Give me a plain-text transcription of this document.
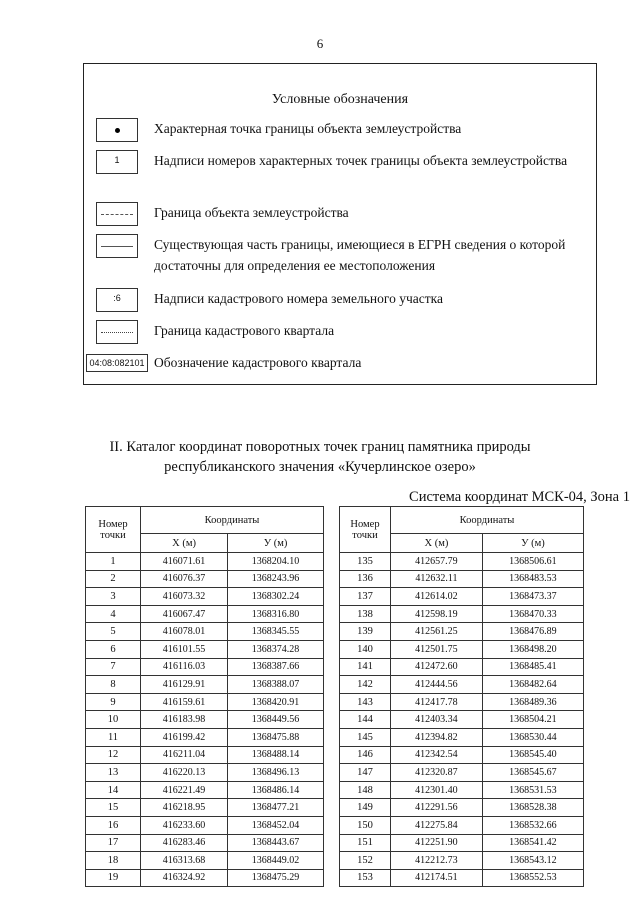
6
Условные обозначения
Характерная точка границы объекта землеустройства
1	Надписи номеров характерных точек границы объекта землеустройства
Граница объекта землеустройства
Существующая часть границы, имеющиеся в ЕГРН сведения о которой достаточны для определения ее местоположения
:6	Надписи кадастрового номера земельного участка
Граница кадастрового квартала
04:08:082101 Обозначение кадастрового квартала
II. Каталог координат поворотных точек границ памятника природы
республиканского значения «Кучерлинское озеро»
Система координат МСК-04, Зона 1
Номер точки	Координаты	
	X (м)	У (м)
1	416071.61	1368204.10
2	416076.37	1368243.96
3	416073.32	1368302.24
4	416067.47	1368316.80
5	416078.01	1368345.55
6	416101.55	1368374.28
7	416116.03	1368387.66
8	416129.91	1368388.07
9	416159.61	1368420.91
10	416183.98	1368449.56
11	416199.42	1368475.88
12	416211.04	1368488.14
13	416220.13	1368496.13
14	416221.49	1368486.14
15	416218.95	1368477.21
16	416233.60	1368452.04
17	416283.46	1368443.67
18	416313.68	1368449.02
19	416324.92	1368475.29
Номер точки	Координаты	
	X (м)	У (м)
135	412657.79	1368506.61
136	412632.11	1368483.53
137	412614.02	1368473.37
138	412598.19	1368470.33
139	412561.25	1368476.89
140	412501.75	1368498.20
141	412472.60	1368485.41
142	412444.56	1368482.64
143	412417.78	1368489.36
144	412403.34	1368504.21
145	412394.82	1368530.44
146	412342.54	1368545.40
147	412320.87	1368545.67
148	412301.40	1368531.53
149	412291.56	1368528.38
150	412275.84	1368532.66
151	412251.90	1368541.42
152	412212.73	1368543.12
153	412174.51	1368552.53
